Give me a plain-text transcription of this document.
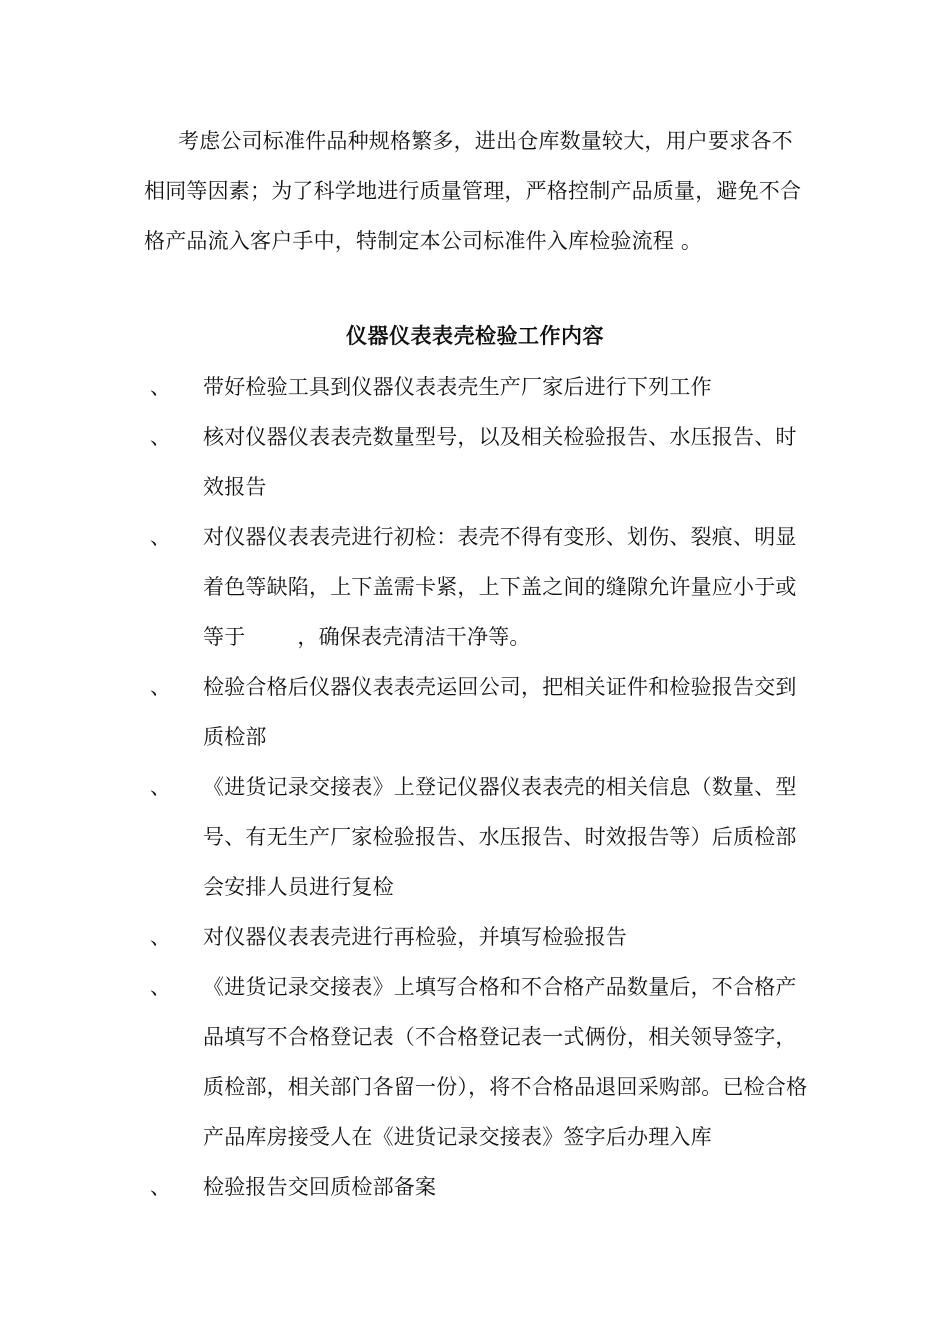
考虑公司标准件品种规格繁多，进出仓库数量较大，用户要求各不相同等因素；为了科学地进行质量管理，严格控制产品质量，避免不合格产品流入客户手中，特制定本公司标准件入库检验流程 。

仪器仪表表壳检验工作内容
、	带好检验工具到仪器仪表表壳生产厂家后进行下列工作
、	核对仪器仪表表壳数量型号，以及相关检验报告、水压报告、时效报告
、	对仪器仪表表壳进行初检：表壳不得有变形、划伤、裂痕、明显着色等缺陷，上下盖需卡紧，上下盖之间的缝隙允许量应小于或等于 ，确保表壳清洁干净等。
、	检验合格后仪器仪表表壳运回公司，把相关证件和检验报告交到质检部
、	《进货记录交接表》上登记仪器仪表表壳的相关信息（数量、型号、有无生产厂家检验报告、水压报告、时效报告等）后质检部会安排人员进行复检
、	对仪器仪表表壳进行再检验，并填写检验报告
、	《进货记录交接表》上填写合格和不合格产品数量后，不合格产品填写不合格登记表（不合格登记表一式俩份，相关领导签字，质检部，相关部门各留一份），将不合格品退回采购部。已检合格产品库房接受人在《进货记录交接表》签字后办理入库
、	检验报告交回质检部备案
